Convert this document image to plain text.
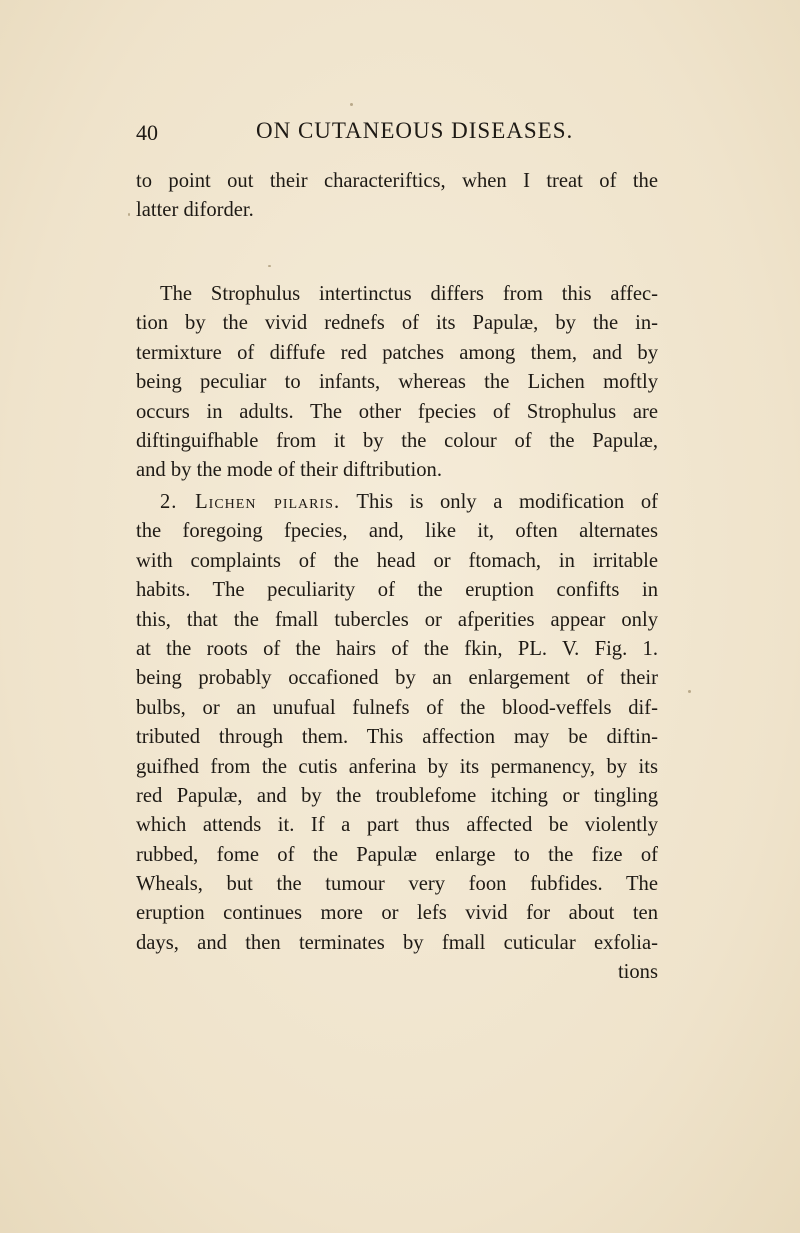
40	ON CUTANEOUS DISEASES.
to point out their characteriftics, when I treat of the
latter diforder.
The Strophulus intertinctus differs from this affec-
tion by the vivid rednefs of its Papulæ, by the in-
termixture of diffufe red patches among them, and by
being peculiar to infants, whereas the Lichen moftly
occurs in adults. The other fpecies of Strophulus are
diftinguifhable from it by the colour of the Papulæ,
and by the mode of their diftribution.
2. Lichen pilaris. This is only a modification of
the foregoing fpecies, and, like it, often alternates
with complaints of the head or ftomach, in irritable
habits. The peculiarity of the eruption confifts in
this, that the fmall tubercles or afperities appear only
at the roots of the hairs of the fkin, PL. V. Fig. 1.
being probably occafioned by an enlargement of their
bulbs, or an unufual fulnefs of the blood-veffels dif-
tributed through them. This affection may be diftin-
guifhed from the cutis anferina by its permanency, by its
red Papulæ, and by the troublefome itching or tingling
which attends it. If a part thus affected be violently
rubbed, fome of the Papulæ enlarge to the fize of
Wheals, but the tumour very foon fubfides. The
eruption continues more or lefs vivid for about ten
days, and then terminates by fmall cuticular exfolia-
tions
